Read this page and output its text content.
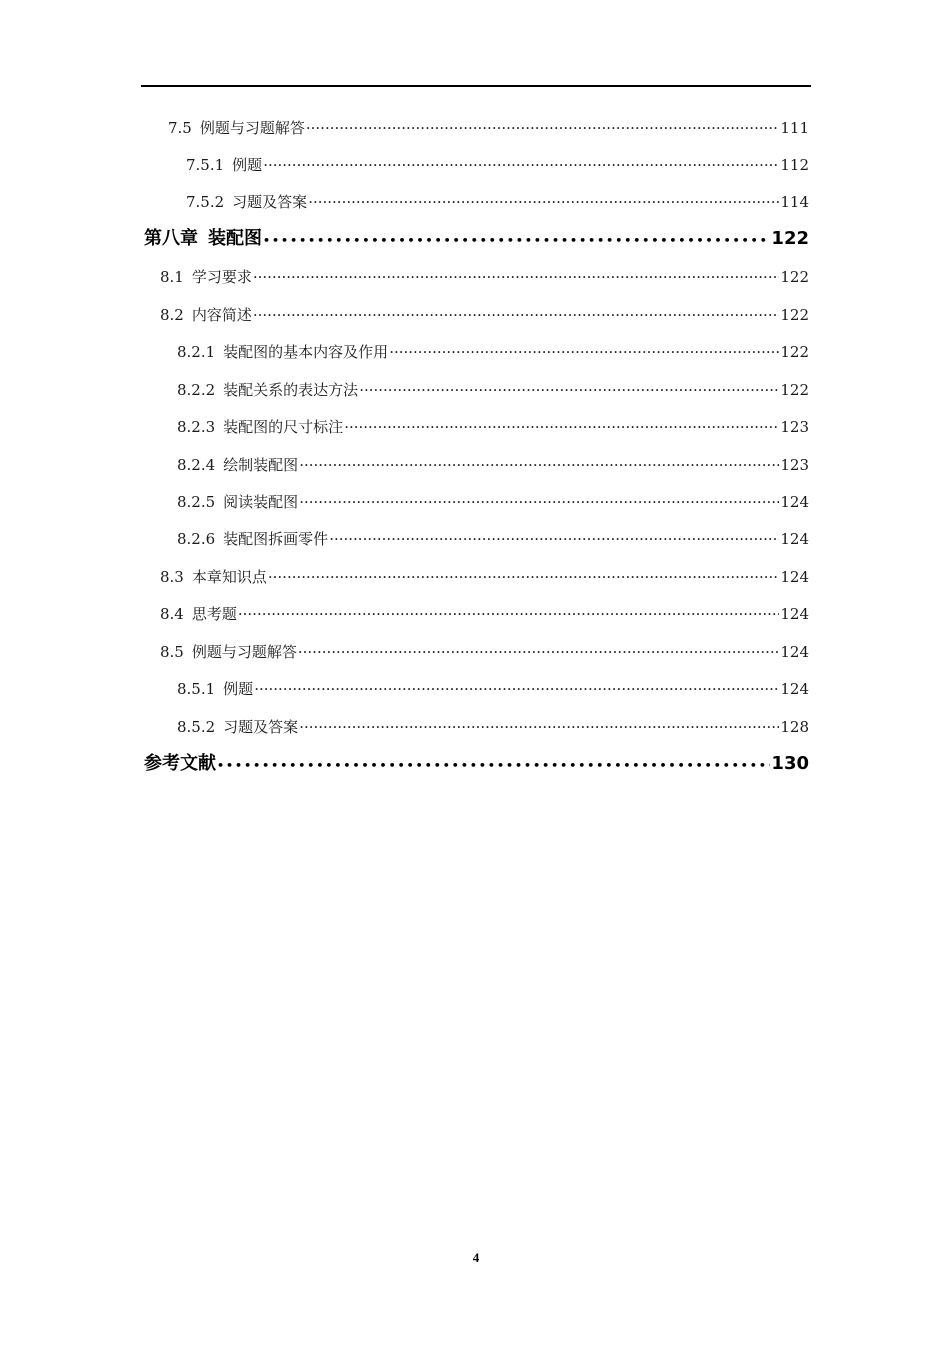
7.5 例题与习题解答 ·····	111
7.5.1 例题 ·····	112
7.5.2 习题及答案 ·····	114
第八章 装配图 •••••	122
8.1 学习要求 ·····	122
8.2 内容简述 ·····	122
8.2.1 装配图的基本内容及作用 ·····	122
8.2.2 装配关系的表达方法 ·····	122
8.2.3 装配图的尺寸标注 ·····	123
8.2.4 绘制装配图 ·····	123
8.2.5 阅读装配图 ·····	124
8.2.6 装配图拆画零件 ·····	124
8.3 本章知识点 ·····	124
8.4 思考题 ·····	124
8.5 例题与习题解答 ·····	124
8.5.1 例题 ·····	124
8.5.2 习题及答案 ·····	128
参考文献 •••••	130
4
